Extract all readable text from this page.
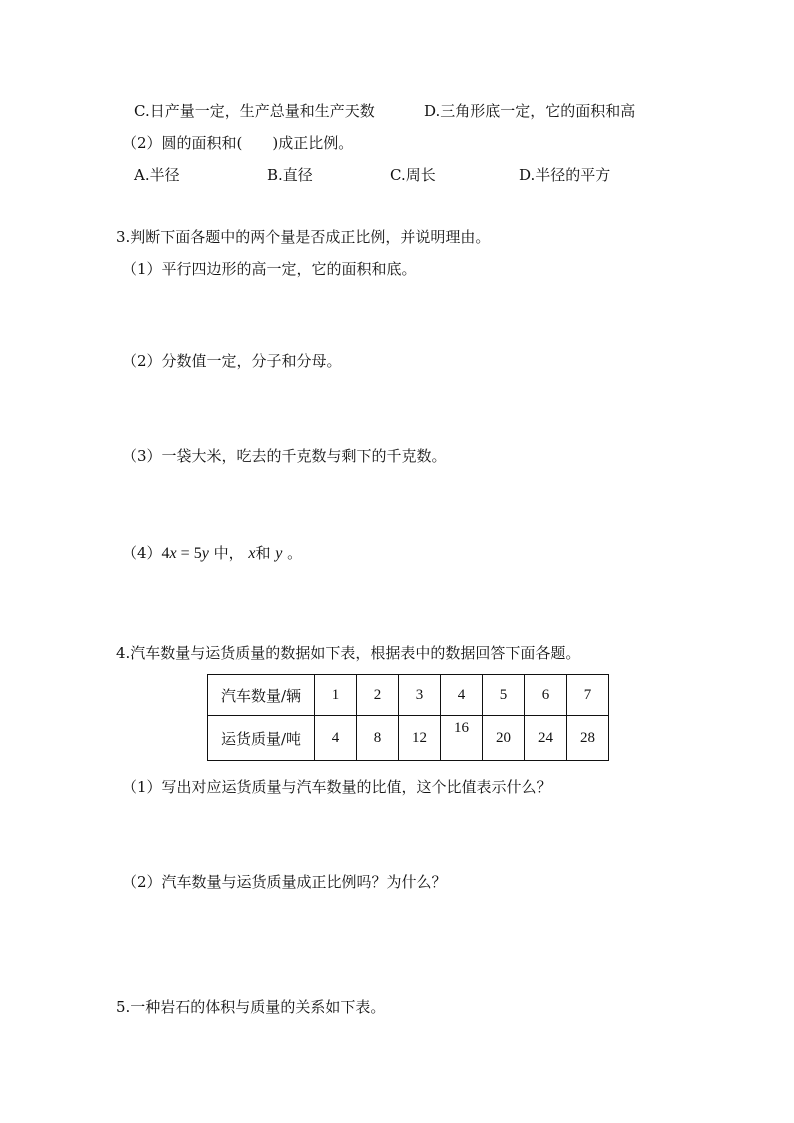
C.日产量一定，生产总量和生产天数	D.三角形底一定，它的面积和高
（2）圆的面积和(　　)成正比例。
A.半径	B.直径	C.周长	D.半径的平方
3.判断下面各题中的两个量是否成正比例，并说明理由。
（1）平行四边形的高一定，它的面积和底。
（2）分数值一定，分子和分母。
（3）一袋大米，吃去的千克数与剩下的千克数。
（4）4x = 5y 中， x和 y 。
4.汽车数量与运货质量的数据如下表，根据表中的数据回答下面各题。
汽车数量/辆	1	2	3	4	5	6	7
运货质量/吨	4	8	12	16	20	24	28
（1）写出对应运货质量与汽车数量的比值，这个比值表示什么？
（2）汽车数量与运货质量成正比例吗？为什么？
5.一种岩石的体积与质量的关系如下表。
